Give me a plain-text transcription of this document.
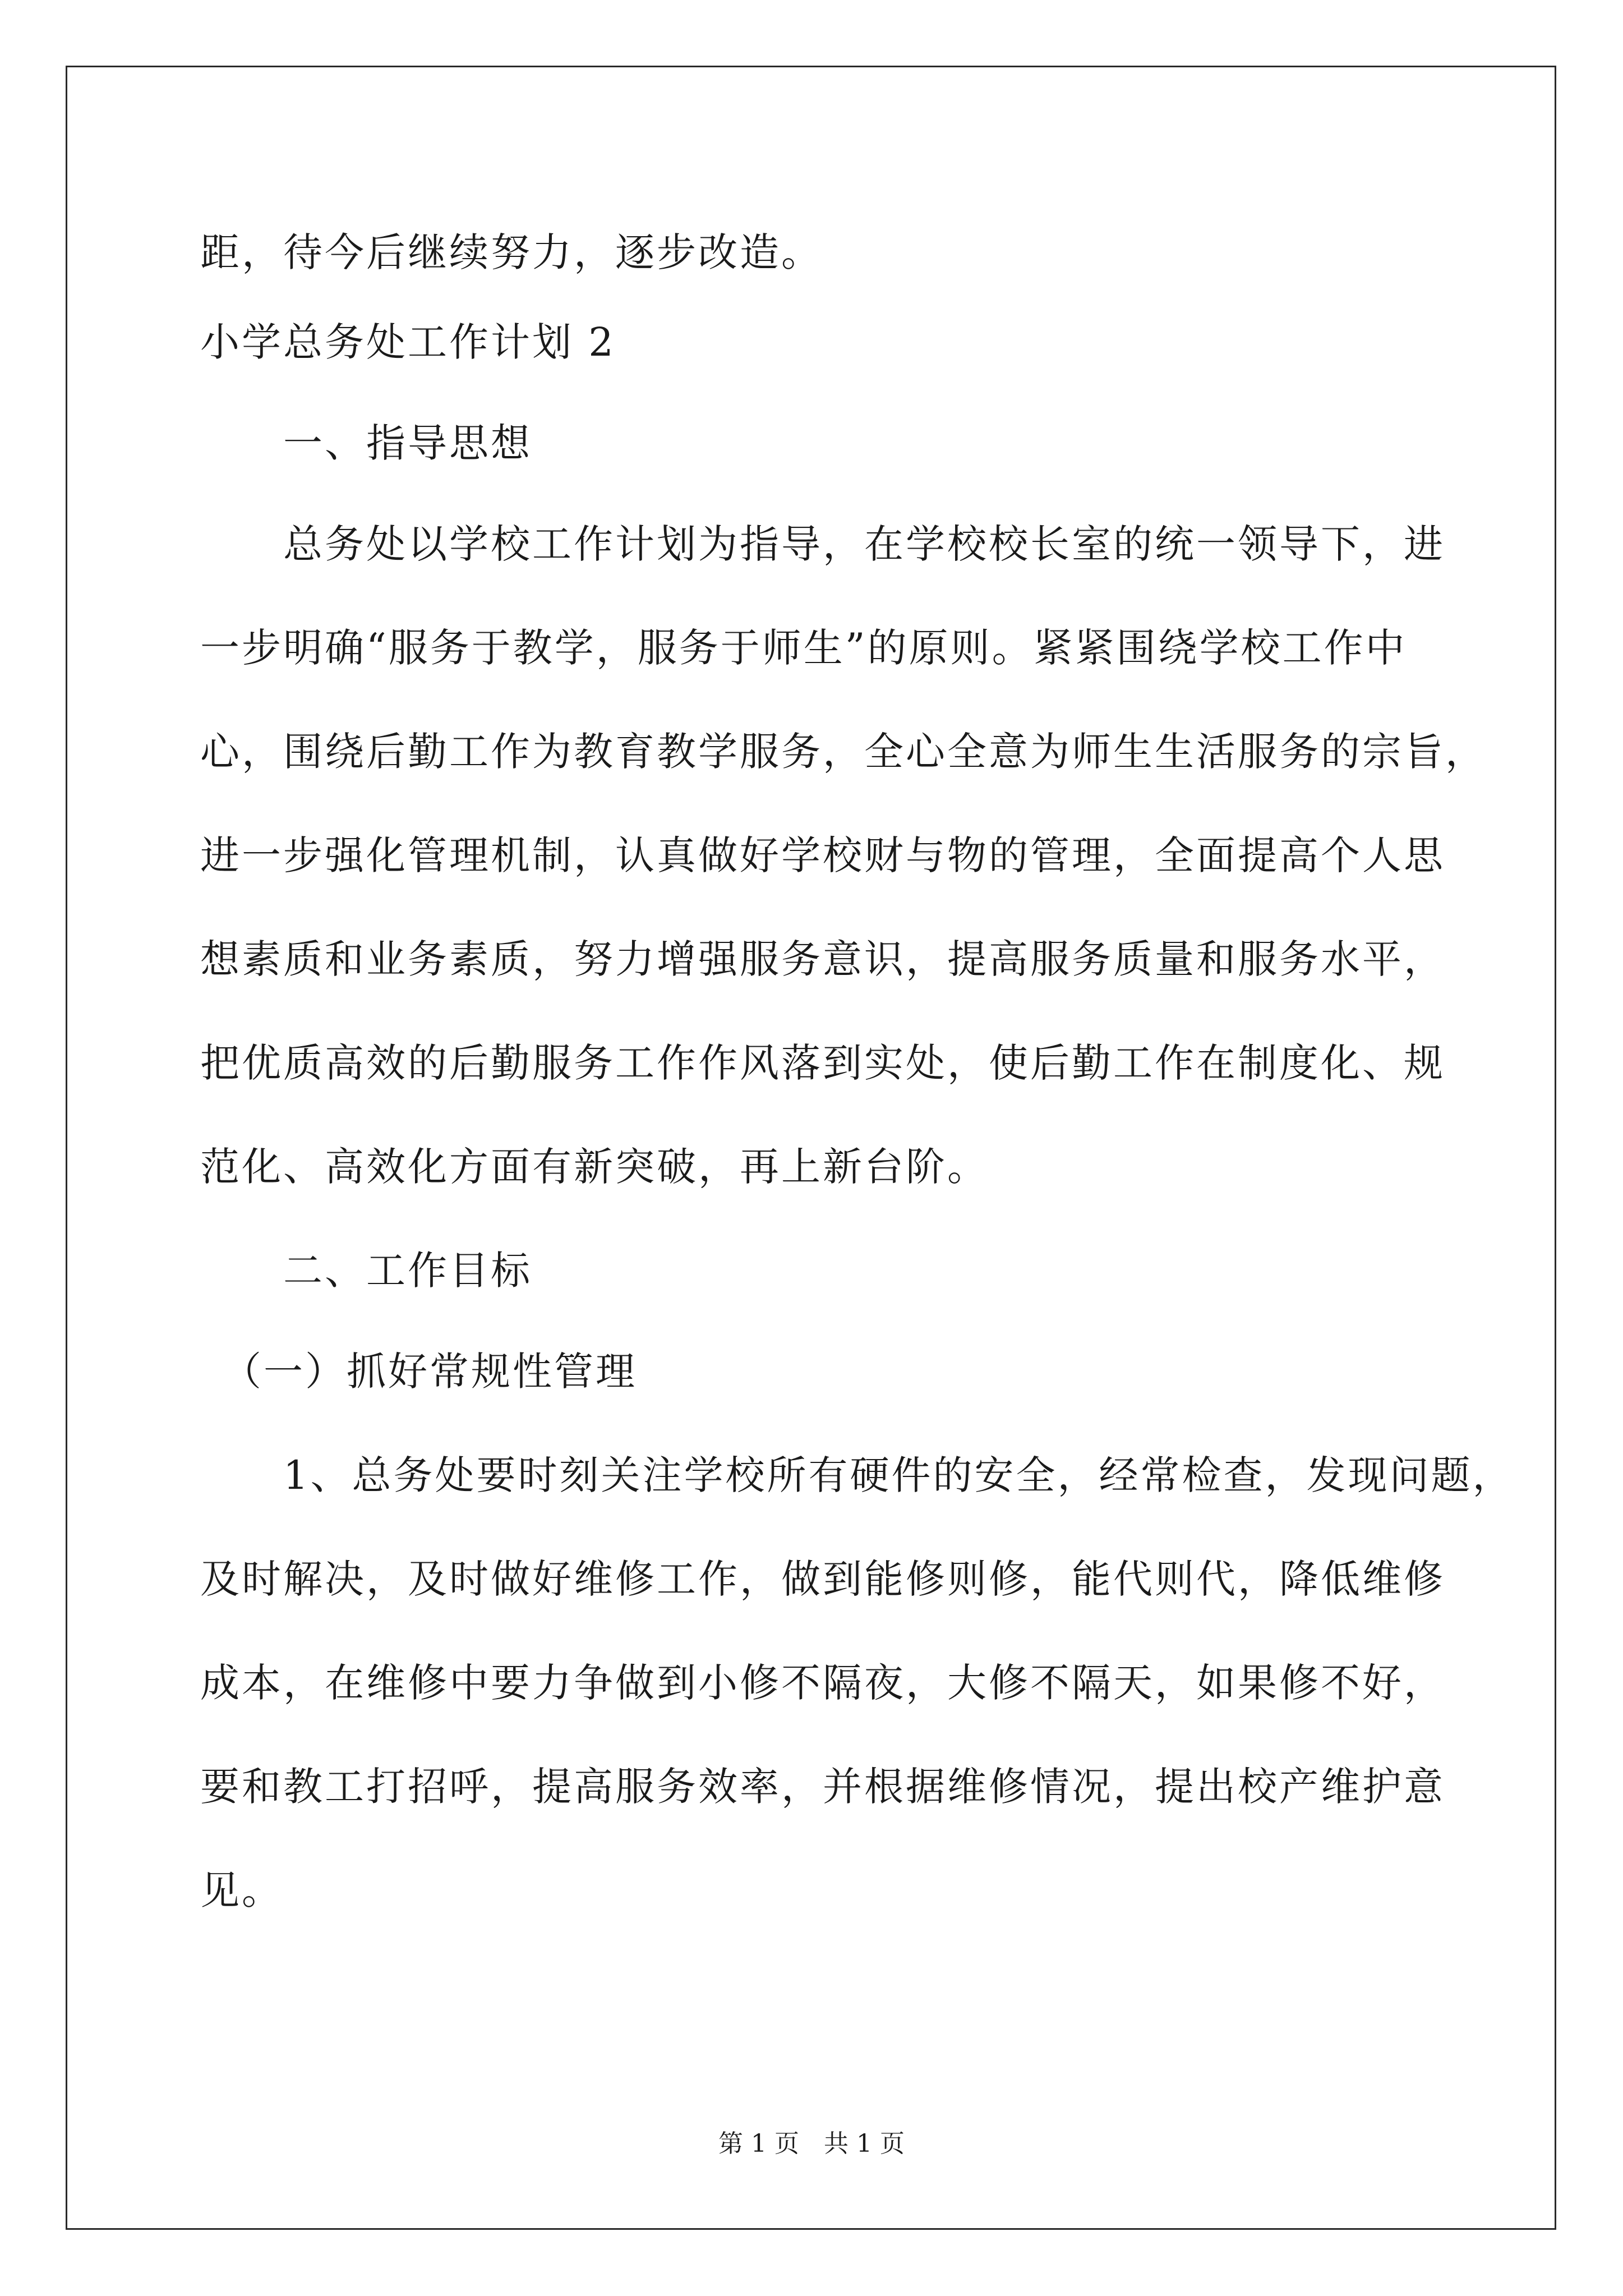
距，待今后继续努力，逐步改造。

小学总务处工作计划 2

　　一、指导思想

　　总务处以学校工作计划为指导，在学校校长室的统一领导下，进

一步明确“服务于教学，服务于师生”的原则。紧紧围绕学校工作中

心，围绕后勤工作为教育教学服务，全心全意为师生生活服务的宗旨，

进一步强化管理机制，认真做好学校财与物的管理，全面提高个人思

想素质和业务素质，努力增强服务意识，提高服务质量和服务水平，

把优质高效的后勤服务工作作风落到实处，使后勤工作在制度化、规

范化、高效化方面有新突破，再上新台阶。

　　二、工作目标

　（一）抓好常规性管理

　　1、总务处要时刻关注学校所有硬件的安全，经常检查，发现问题，

及时解决，及时做好维修工作，做到能修则修，能代则代，降低维修

成本，在维修中要力争做到小修不隔夜，大修不隔天，如果修不好，

要和教工打招呼，提高服务效率，并根据维修情况，提出校产维护意

见。

第 1 页　共 1 页
